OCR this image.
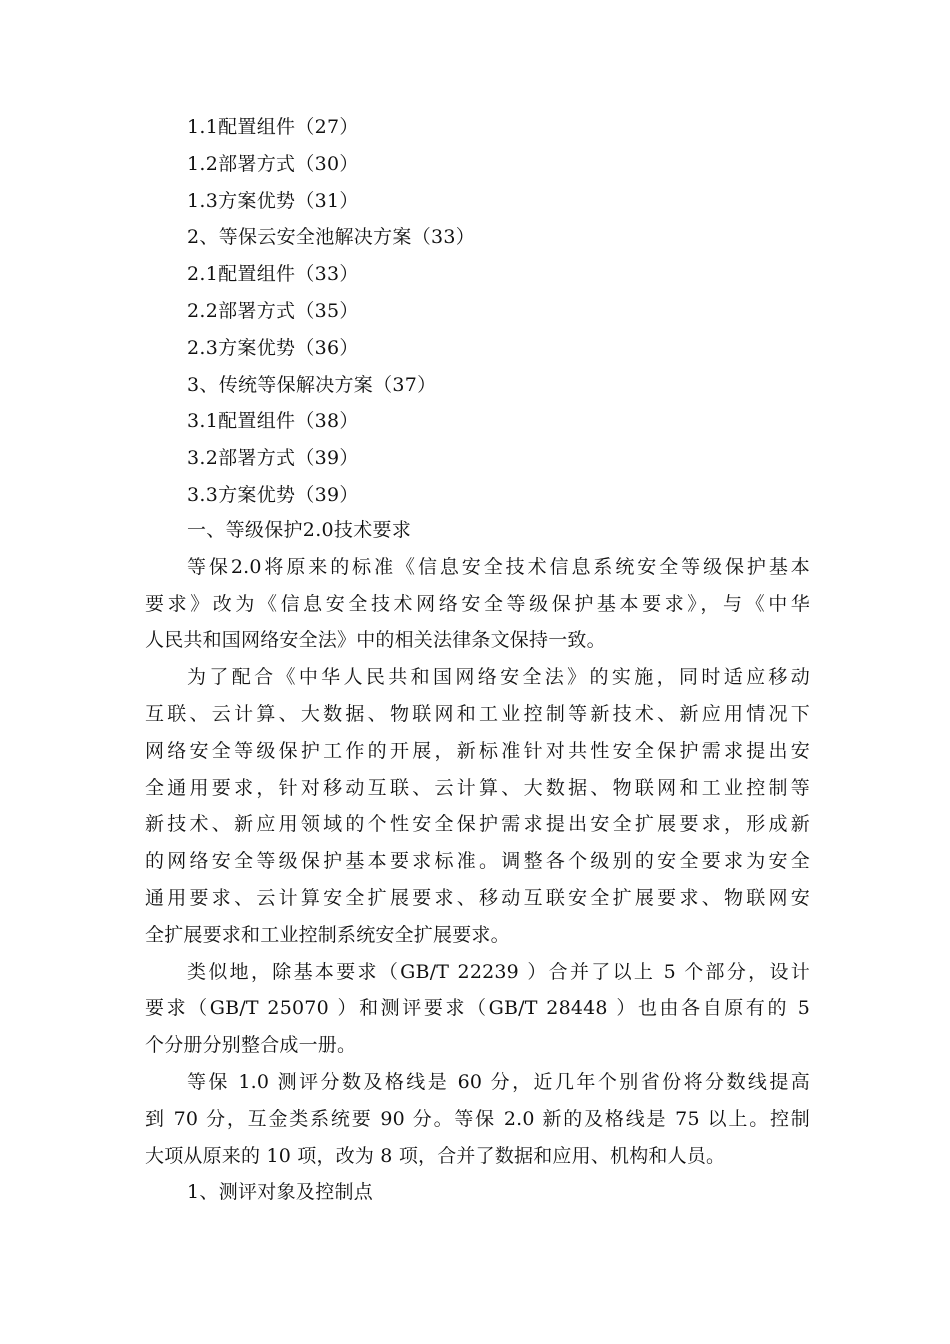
1.1配置组件（27）
1.2部署方式（30）
1.3方案优势（31）
2、等保云安全池解决方案（33）
2.1配置组件（33）
2.2部署方式（35）
2.3方案优势（36）
3、传统等保解决方案（37）
3.1配置组件（38）
3.2部署方式（39）
3.3方案优势（39）
一、等级保护2.0技术要求

等保2.0将原来的标准《信息安全技术信息系统安全等级保护基本
要求》改为《信息安全技术网络安全等级保护基本要求》，与《中华
人民共和国网络安全法》中的相关法律条文保持一致。

为了配合《中华人民共和国网络安全法》的实施，同时适应移动
互联、云计算、大数据、物联网和工业控制等新技术、新应用情况下
网络安全等级保护工作的开展，新标准针对共性安全保护需求提出安
全通用要求，针对移动互联、云计算、大数据、物联网和工业控制等
新技术、新应用领域的个性安全保护需求提出安全扩展要求，形成新
的网络安全等级保护基本要求标准。调整各个级别的安全要求为安全
通用要求、云计算安全扩展要求、移动互联安全扩展要求、物联网安
全扩展要求和工业控制系统安全扩展要求。

类似地，除基本要求（GB/T 22239 ）合并了以上 5 个部分，设计
要求（GB/T 25070 ）和测评要求（GB/T 28448 ）也由各自原有的 5
个分册分别整合成一册。

等保 1.0 测评分数及格线是 60 分，近几年个别省份将分数线提高
到 70 分，互金类系统要 90 分。等保 2.0 新的及格线是 75 以上。控制
大项从原来的 10 项，改为 8 项，合并了数据和应用、机构和人员。

1、测评对象及控制点
